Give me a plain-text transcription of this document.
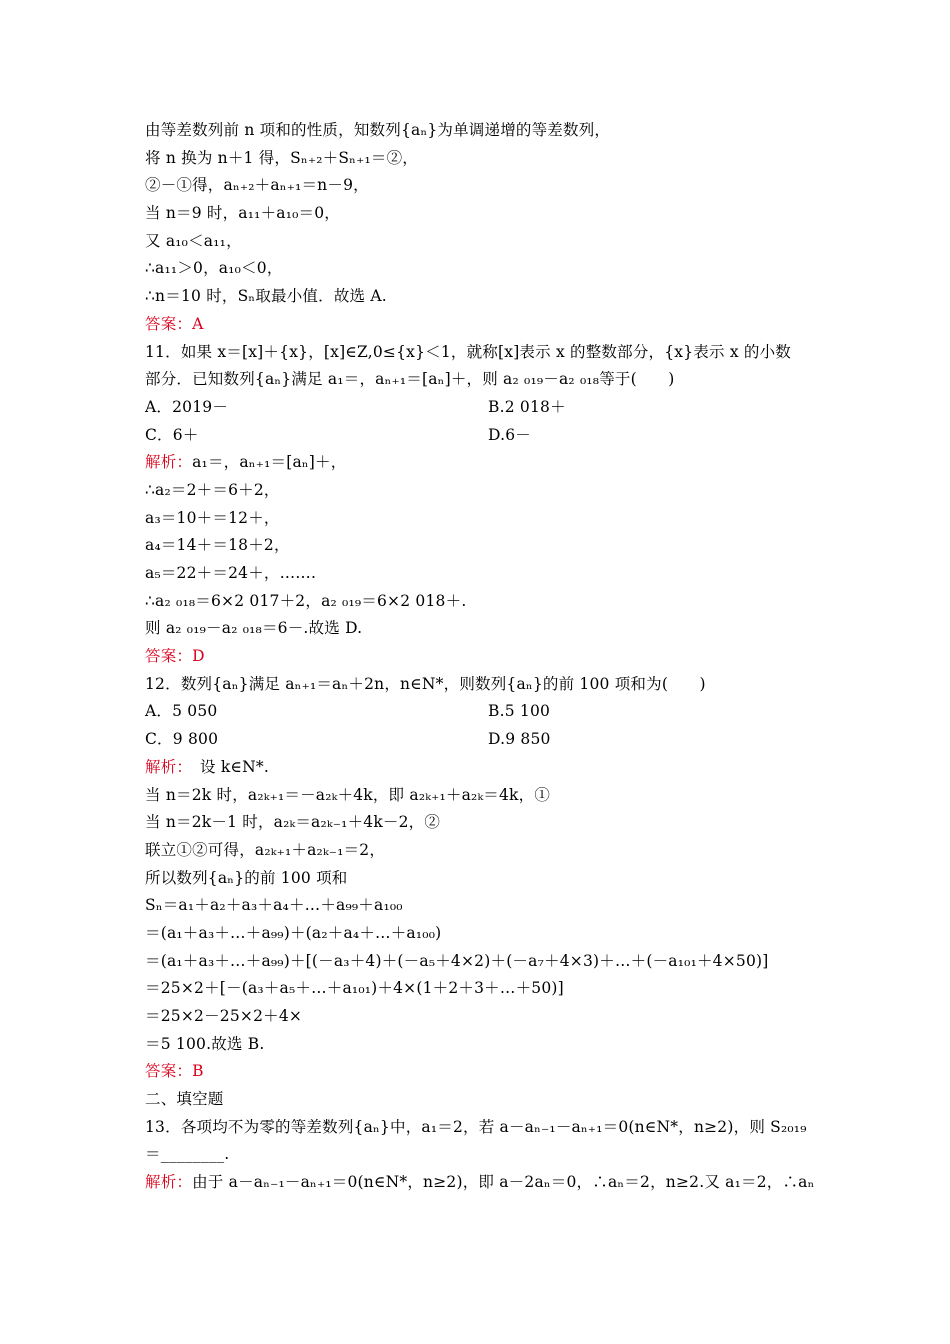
由等差数列前 n 项和的性质，知数列{aₙ}为单调递增的等差数列，
将 n 换为 n＋1 得，Sₙ₊₂＋Sₙ₊₁＝②，
②－①得，aₙ₊₂＋aₙ₊₁＝n－9，
当 n＝9 时，a₁₁＋a₁₀＝0，
又 a₁₀＜a₁₁，
∴a₁₁＞0，a₁₀＜0，
∴n＝10 时，Sₙ取最小值．故选 A.
答案：A
11．如果 x＝[x]＋{x}，[x]∈Z,0≤{x}＜1，就称[x]表示 x 的整数部分，{x}表示 x 的小数
部分．已知数列{aₙ}满足 a₁＝，aₙ₊₁＝[aₙ]＋，则 a₂ ₀₁₉－a₂ ₀₁₈等于(　　)
A．2019－	B.2 018＋
C．6＋	D.6－
解析：a₁＝，aₙ₊₁＝[aₙ]＋，
∴a₂＝2＋＝6＋2，
a₃＝10＋＝12＋，
a₄＝14＋＝18＋2，
a₅＝22＋＝24＋，…….
∴a₂ ₀₁₈＝6×2 017＋2，a₂ ₀₁₉＝6×2 018＋.
则 a₂ ₀₁₉－a₂ ₀₁₈＝6－.故选 D.
答案：D
12．数列{aₙ}满足 aₙ₊₁＝aₙ＋2n，n∈N*，则数列{aₙ}的前 100 项和为(　　)
A．5 050	B.5 100
C．9 800	D.9 850
解析：　设 k∈N*.
当 n＝2k 时，a₂ₖ₊₁＝－a₂ₖ＋4k，即 a₂ₖ₊₁＋a₂ₖ＝4k，①
当 n＝2k－1 时，a₂ₖ＝a₂ₖ₋₁＋4k－2，②
联立①②可得，a₂ₖ₊₁＋a₂ₖ₋₁＝2，
所以数列{aₙ}的前 100 项和
Sₙ＝a₁＋a₂＋a₃＋a₄＋…＋a₉₉＋a₁₀₀
＝(a₁＋a₃＋…＋a₉₉)＋(a₂＋a₄＋…＋a₁₀₀)
＝(a₁＋a₃＋…＋a₉₉)＋[(－a₃＋4)＋(－a₅＋4×2)＋(－a₇＋4×3)＋…＋(－a₁₀₁＋4×50)]
＝25×2＋[－(a₃＋a₅＋…＋a₁₀₁)＋4×(1＋2＋3＋…＋50)]
＝25×2－25×2＋4×
＝5 100.故选 B.
答案：B
二、填空题
13．各项均不为零的等差数列{aₙ}中，a₁＝2，若 a－aₙ₋₁－aₙ₊₁＝0(n∈N*，n≥2)，则 S₂₀₁₉
＝________.
解析：由于 a－aₙ₋₁－aₙ₊₁＝0(n∈N*，n≥2)，即 a－2aₙ＝0，∴aₙ＝2，n≥2.又 a₁＝2，∴aₙ
